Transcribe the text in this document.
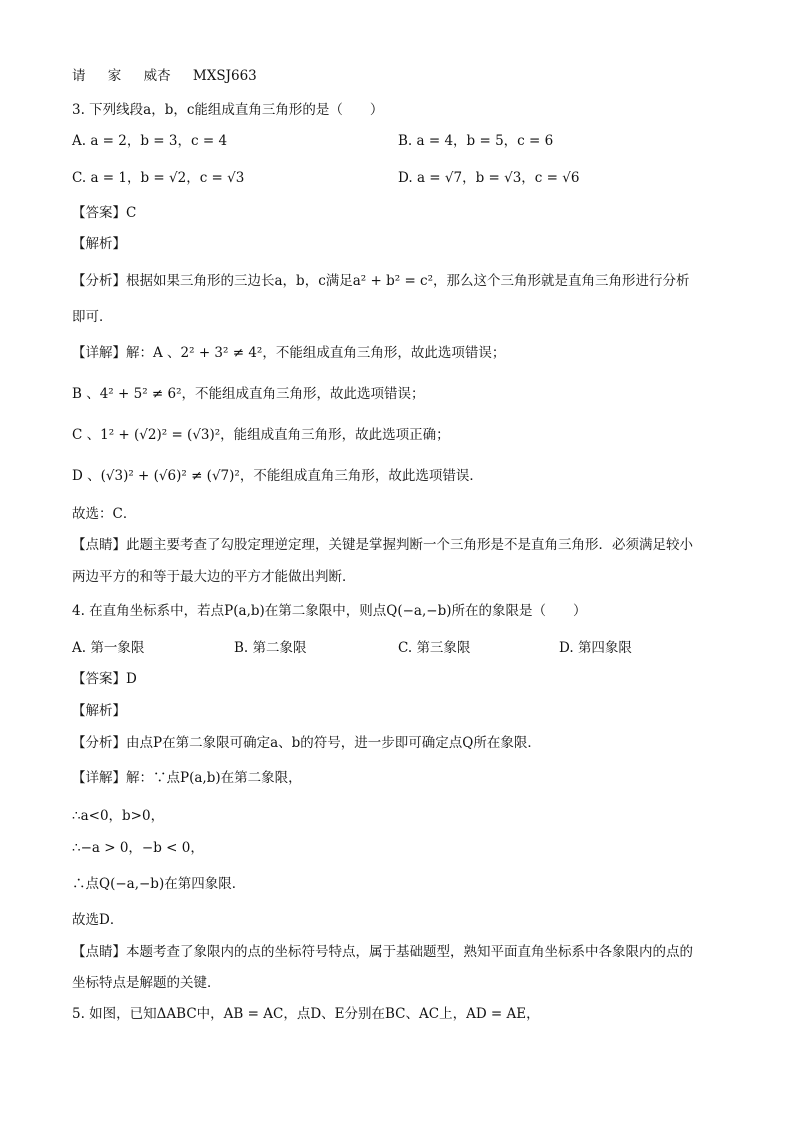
请 家 威杏 MXSJ663
3. 下列线段a，b，c能组成直角三角形的是（　　）
A. a = 2，b = 3，c = 4	B. a = 4，b = 5，c = 6
C. a = 1，b = √2，c = √3	D. a = √7，b = √3，c = √6
【答案】C
【解析】
【分析】根据如果三角形的三边长a，b，c满足a² + b² = c²，那么这个三角形就是直角三角形进行分析
即可．
【详解】解：A 、2² + 3² ≠ 4²，不能组成直角三角形，故此选项错误；
B 、4² + 5² ≠ 6²，不能组成直角三角形，故此选项错误；
C 、1² + (√2)² = (√3)²，能组成直角三角形，故此选项正确；
D 、(√3)² + (√6)² ≠ (√7)²，不能组成直角三角形，故此选项错误．
故选：C．
【点睛】此题主要考查了勾股定理逆定理，关键是掌握判断一个三角形是不是直角三角形．必须满足较小
两边平方的和等于最大边的平方才能做出判断．
4. 在直角坐标系中，若点P(a,b)在第二象限中，则点Q(−a,−b)所在的象限是（　　）
A. 第一象限	B. 第二象限	C. 第三象限	D. 第四象限
【答案】D
【解析】
【分析】由点P在第二象限可确定a、b的符号，进一步即可确定点Q所在象限．
【详解】解：∵点P(a,b)在第二象限，
∴a<0，b>0，
∴−a > 0，−b < 0，
∴点Q(−a,−b)在第四象限．
故选D．
【点睛】本题考查了象限内的点的坐标符号特点，属于基础题型，熟知平面直角坐标系中各象限内的点的
坐标特点是解题的关键．
5. 如图，已知ΔABC中，AB = AC，点D、E分别在BC、AC上，AD = AE，
